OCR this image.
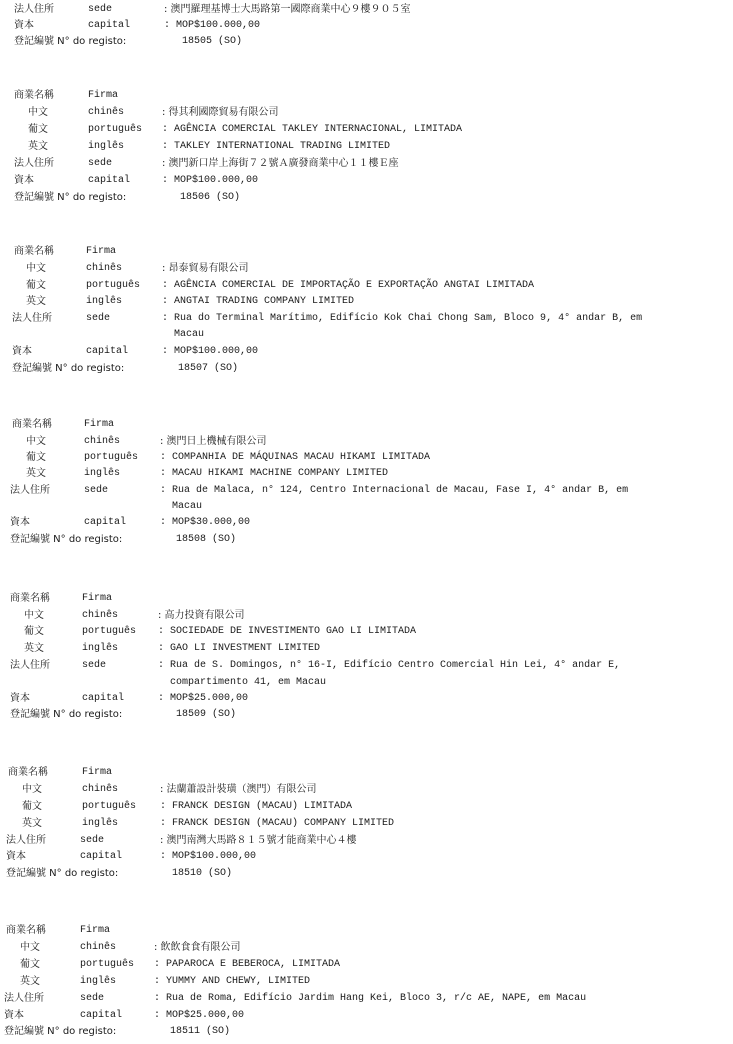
法人住所	sede	: 澳門羅理基博士大馬路第一國際商業中心９樓９０５室
資本	capital	: MOP$100.000,00
登記編號 N° do registo:	18505 (SO)
商業名稱	Firma
中文	chinês	: 得其利國際貿易有限公司
葡文	português : AGÊNCIA COMERCIAL TAKLEY INTERNACIONAL, LIMITADA
英文	inglês	: TAKLEY INTERNATIONAL TRADING LIMITED
法人住所	sede	: 澳門新口岸上海街７２號Ａ廣發商業中心１１樓Ｅ座
資本	capital	: MOP$100.000,00
登記編號 N° do registo:	18506 (SO)
商業名稱	Firma
中文	chinês	: 昂泰貿易有限公司
葡文	português : AGÊNCIA COMERCIAL DE IMPORTAÇÃO E EXPORTAÇÃO ANGTAI LIMITADA
英文	inglês	: ANGTAI TRADING COMPANY LIMITED
法人住所	sede	: Rua do Terminal Marítimo, Edifício Kok Chai Chong Sam, Bloco 9, 4° andar B, em
Macau
資本	capital	: MOP$100.000,00
登記編號 N° do registo:	18507 (SO)
商業名稱	Firma
中文	chinês	: 澳門日上機械有限公司
葡文	português : COMPANHIA DE MÁQUINAS MACAU HIKAMI LIMITADA
英文	inglês	: MACAU HIKAMI MACHINE COMPANY LIMITED
法人住所	sede	: Rua de Malaca, n° 124, Centro Internacional de Macau, Fase I, 4° andar B, em
Macau
資本	capital	: MOP$30.000,00
登記編號 N° do registo:	18508 (SO)
商業名稱	Firma
中文	chinês	: 高力投資有限公司
葡文	português : SOCIEDADE DE INVESTIMENTO GAO LI LIMITADA
英文	inglês	: GAO LI INVESTMENT LIMITED
法人住所	sede	: Rua de S. Domingos, n° 16-I, Edifício Centro Comercial Hin Lei, 4° andar E,
compartimento 41, em Macau
資本	capital	: MOP$25.000,00
登記編號 N° do registo:	18509 (SO)
商業名稱	Firma
中文	chinês	: 法蘭蕭設計裝璜（澳門）有限公司
葡文	português : FRANCK DESIGN (MACAU) LIMITADA
英文	inglês	: FRANCK DESIGN (MACAU) COMPANY LIMITED
法人住所	sede	: 澳門南灣大馬路８１５號才能商業中心４樓
資本	capital	: MOP$100.000,00
登記編號 N° do registo:	18510 (SO)
商業名稱	Firma
中文	chinês	: 飲飲食食有限公司
葡文	português : PAPAROCA E BEBEROCA, LIMITADA
英文	inglês	: YUMMY AND CHEWY, LIMITED
法人住所	sede	: Rua de Roma, Edifício Jardim Hang Kei, Bloco 3, r/c AE, NAPE, em Macau
資本	capital	: MOP$25.000,00
登記編號 N° do registo:	18511 (SO)
